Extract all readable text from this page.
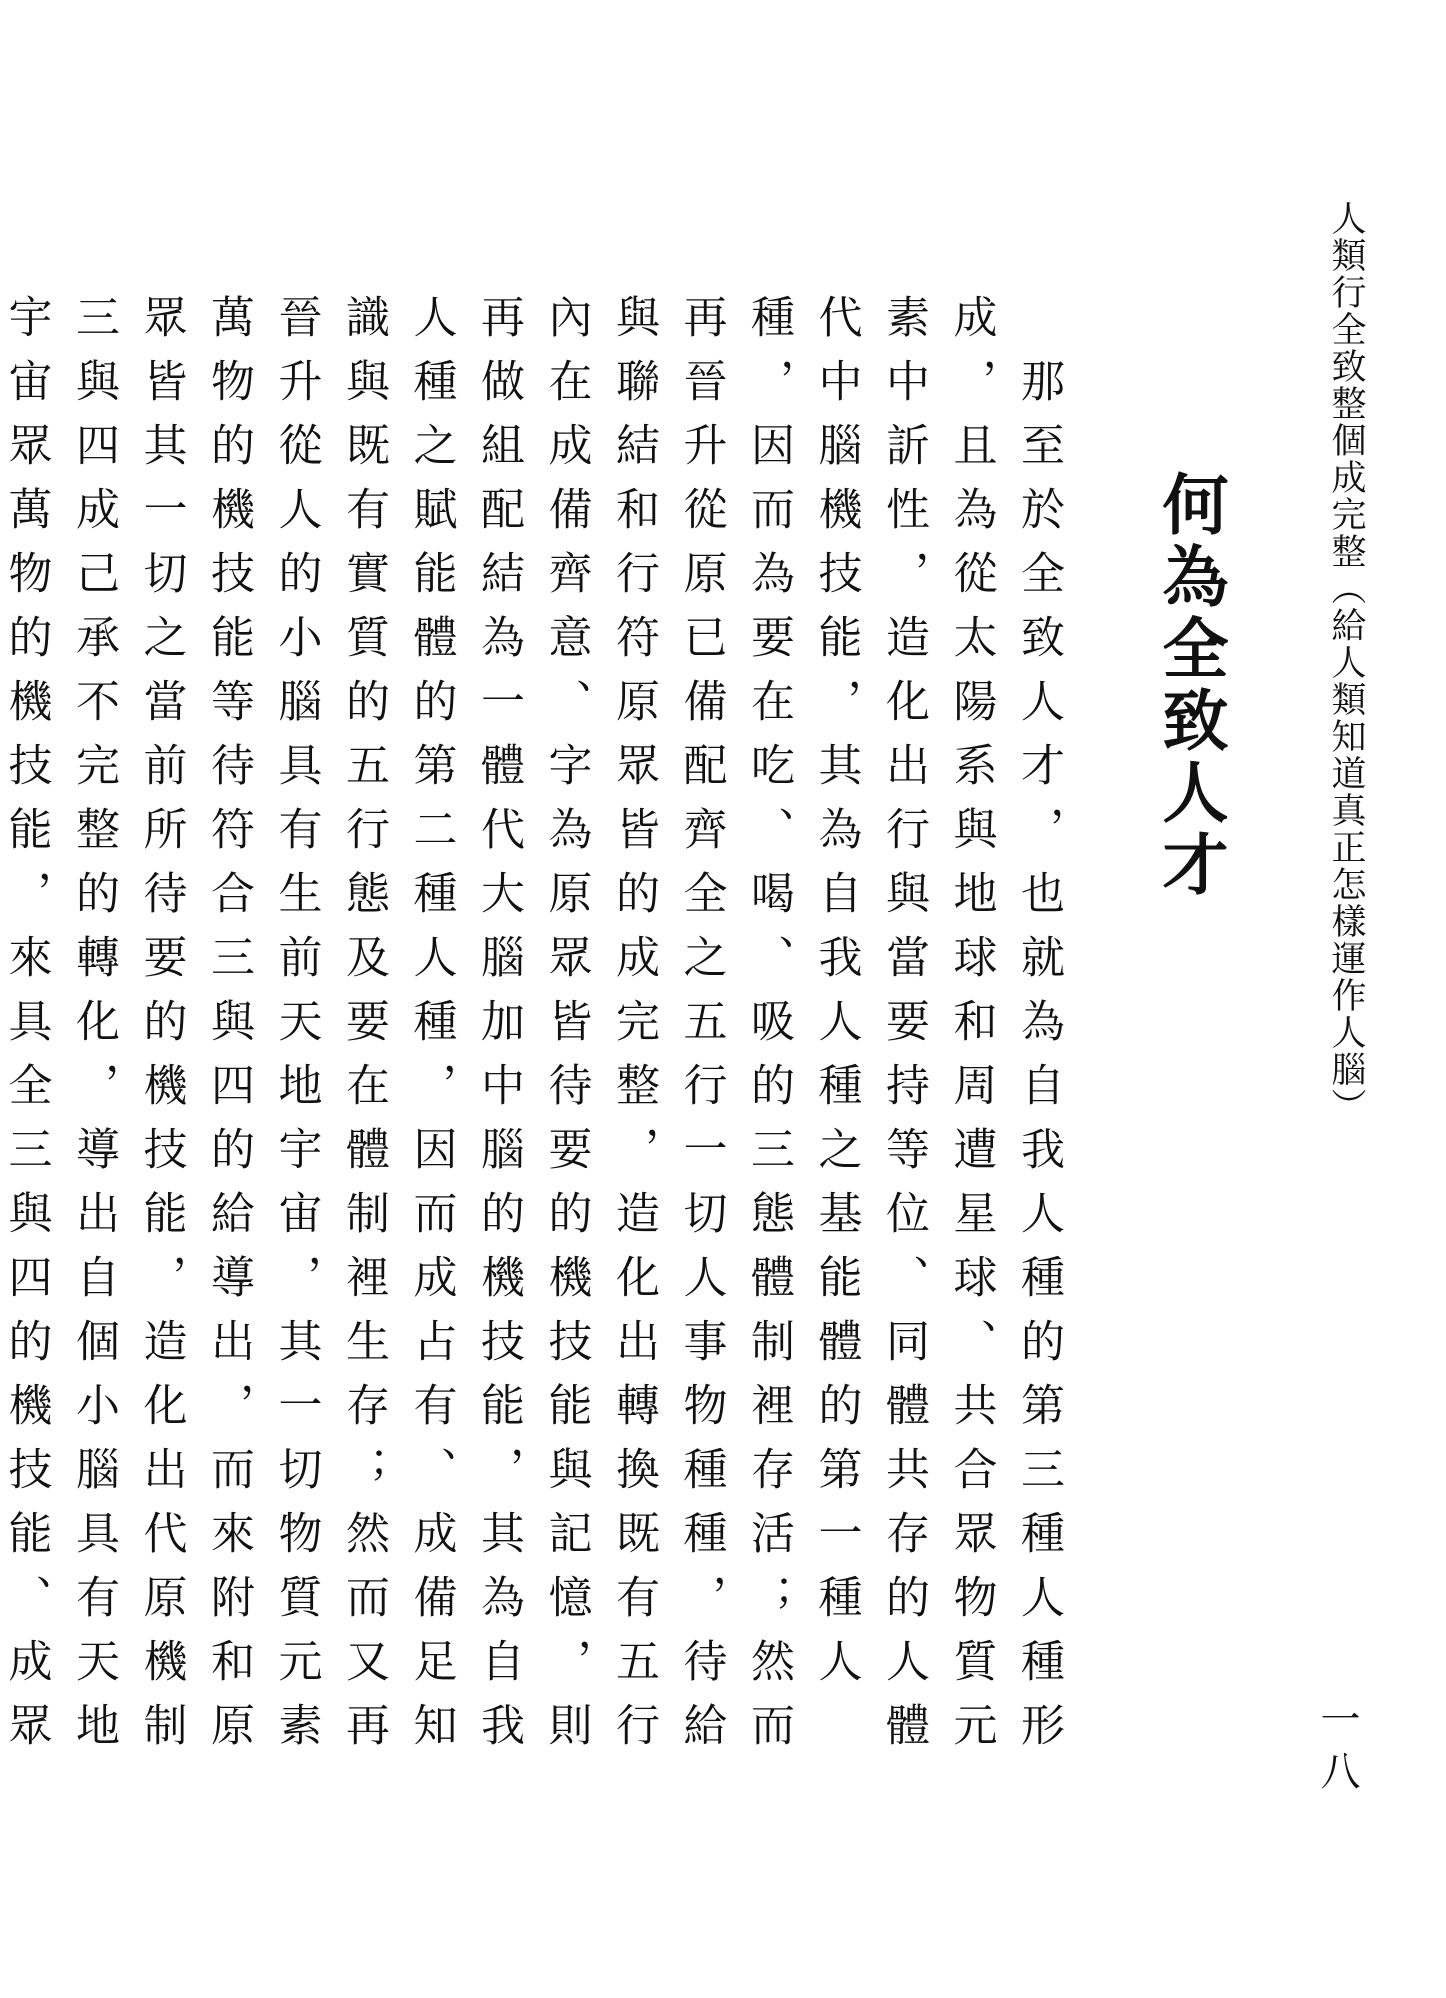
人類行全致整個成完整（給人類知道真正怎樣運作人腦）
何為全致人才

那至於全致人才，也就為自我人種的第三種人種形成，且為從太陽系與地球和周遭星球、共合眾物質元素中訢性，造化出行與當要持等位、同體共存的人體代中腦機技能，其為自我人種之基能體的第一種人種，因而為要在吃、喝、吸的三態體制裡存活；然而再晉升從原已備配齊全之五行一切人事物種種，待給與聯結和行符原眾皆的成完整，造化出轉換既有五行內在成備齊意、字為原眾皆待要的機技能與記憶，則再做組配結為一體代大腦加中腦的機技能，其為自我人種之賦能體的第二種人種，因而成占有、成備足知識與既有實質的五行態及要在體制裡生存；然而又再晉升從人的小腦具有生前天地宇宙，其一切物質元素萬物的機技能等待符合三與四的給導出，而來附和原眾皆其一切之當前所待要的機技能，造化出代原機制三與四成己承不完整的轉化，導出自個小腦具有天地宇宙眾萬物的機技能，來具全三與四的機技能、成眾	一八
